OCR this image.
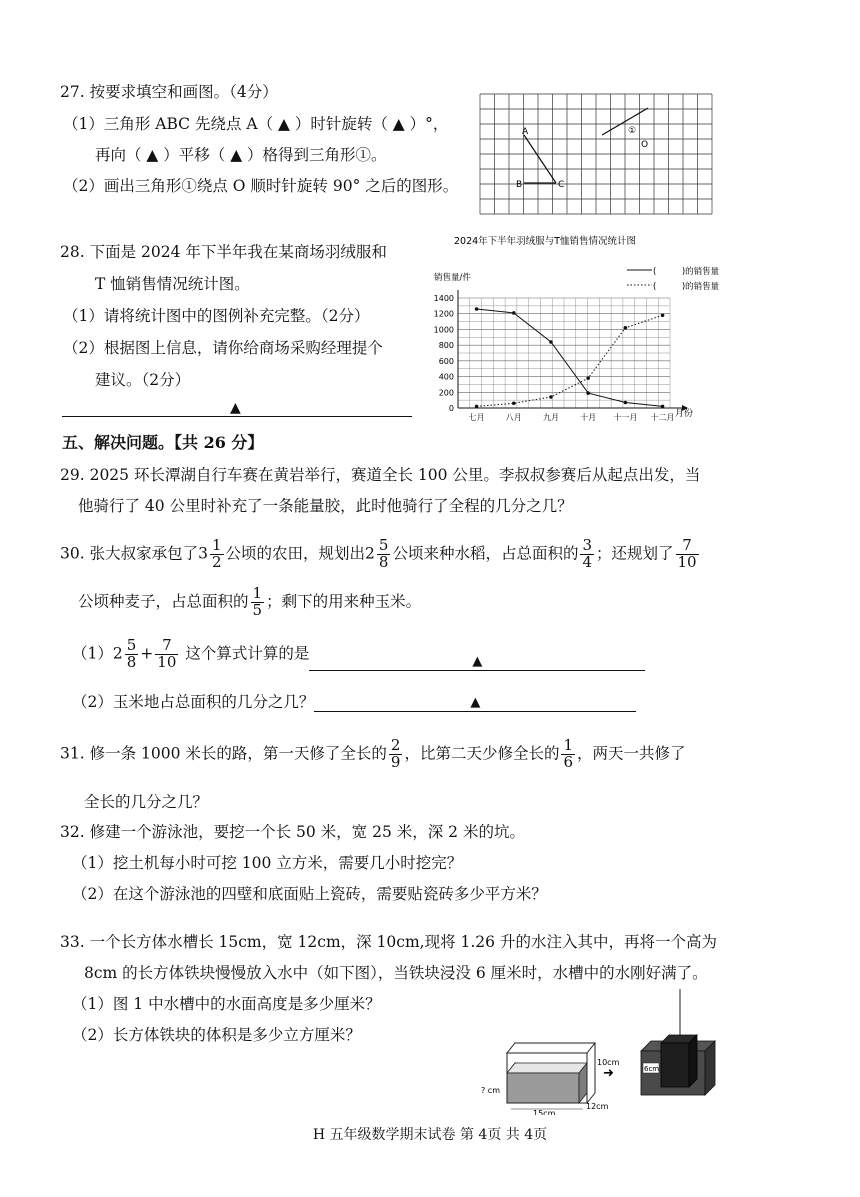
27. 按要求填空和画图。（4分）
（1）三角形 ABC 先绕点 A（ ▲ ）时针旋转（ ▲ ）°，
再向（ ▲ ）平移（ ▲ ）格得到三角形①。
（2）画出三角形①绕点 O 顺时针旋转 90° 之后的图形。
A
B	C
①
O
28. 下面是 2024 年下半年我在某商场羽绒服和
T 恤销售情况统计图。
（1）请将统计图中的图例补充完整。（2分）
（2）根据图上信息，请你给商场采购经理提个
建议。（2分）
▲
2024年下半年羽绒服与T恤销售情况统计图
销售量/件
(　　　)的销售量
(　　　)的销售量
0
200
400
600
800
1000
1200
1400
七月	八月	九月	十月 十一月 十二月 月份
五、解决问题。【共 26 分】
29. 2025 环长潭湖自行车赛在黄岩举行，赛道全长 100 公里。李叔叔参赛后从起点出发，当
他骑行了 40 公里时补充了一条能量胶，此时他骑行了全程的几分之几？
30. 张大叔家承包了$3 \frac{1}{2}$ 公顷的农田，规划出$2 \frac{5}{8}$ 公顷来种水稻，占总面积的 $\frac{3}{4}$ ；还规划了 $\frac{7}{10}$
公顷种麦子，占总面积的 $\frac{1}{5}$ ；剩下的用来种玉米。
$(1)2 \frac{5}{8} + \frac{7}{10}$ 这个算式计算的是	▲
（2）玉米地占总面积的几分之几？	▲
31. 修一条 1000 米长的路，第一天修了全长的 $\frac{2}{9}$ ，比第二天少修全长的 $\frac{1}{6}$ ，两天一共修了
全长的几分之几？
32. 修建一个游泳池，要挖一个长 50 米，宽 25 米，深 2 米的坑。
（1）挖土机每小时可挖 100 立方米，需要几小时挖完？
（2）在这个游泳池的四壁和底面贴上瓷砖，需要贴瓷砖多少平方米？
33. 一个长方体水槽长 15cm，宽 12cm，深 10cm,现将 1.26 升的水注入其中，再将一个高为
8cm 的长方体铁块慢慢放入水中（如下图），当铁块浸没 6 厘米时，水槽中的水刚好满了。
（1）图 1 中水槽中的水面高度是多少厘米？
（2）长方体铁块的体积是多少立方厘米？
10cm
? cm
15cm
12cm
➜	6cm
H 五年级数学期末试卷 第 4页 共 4页
